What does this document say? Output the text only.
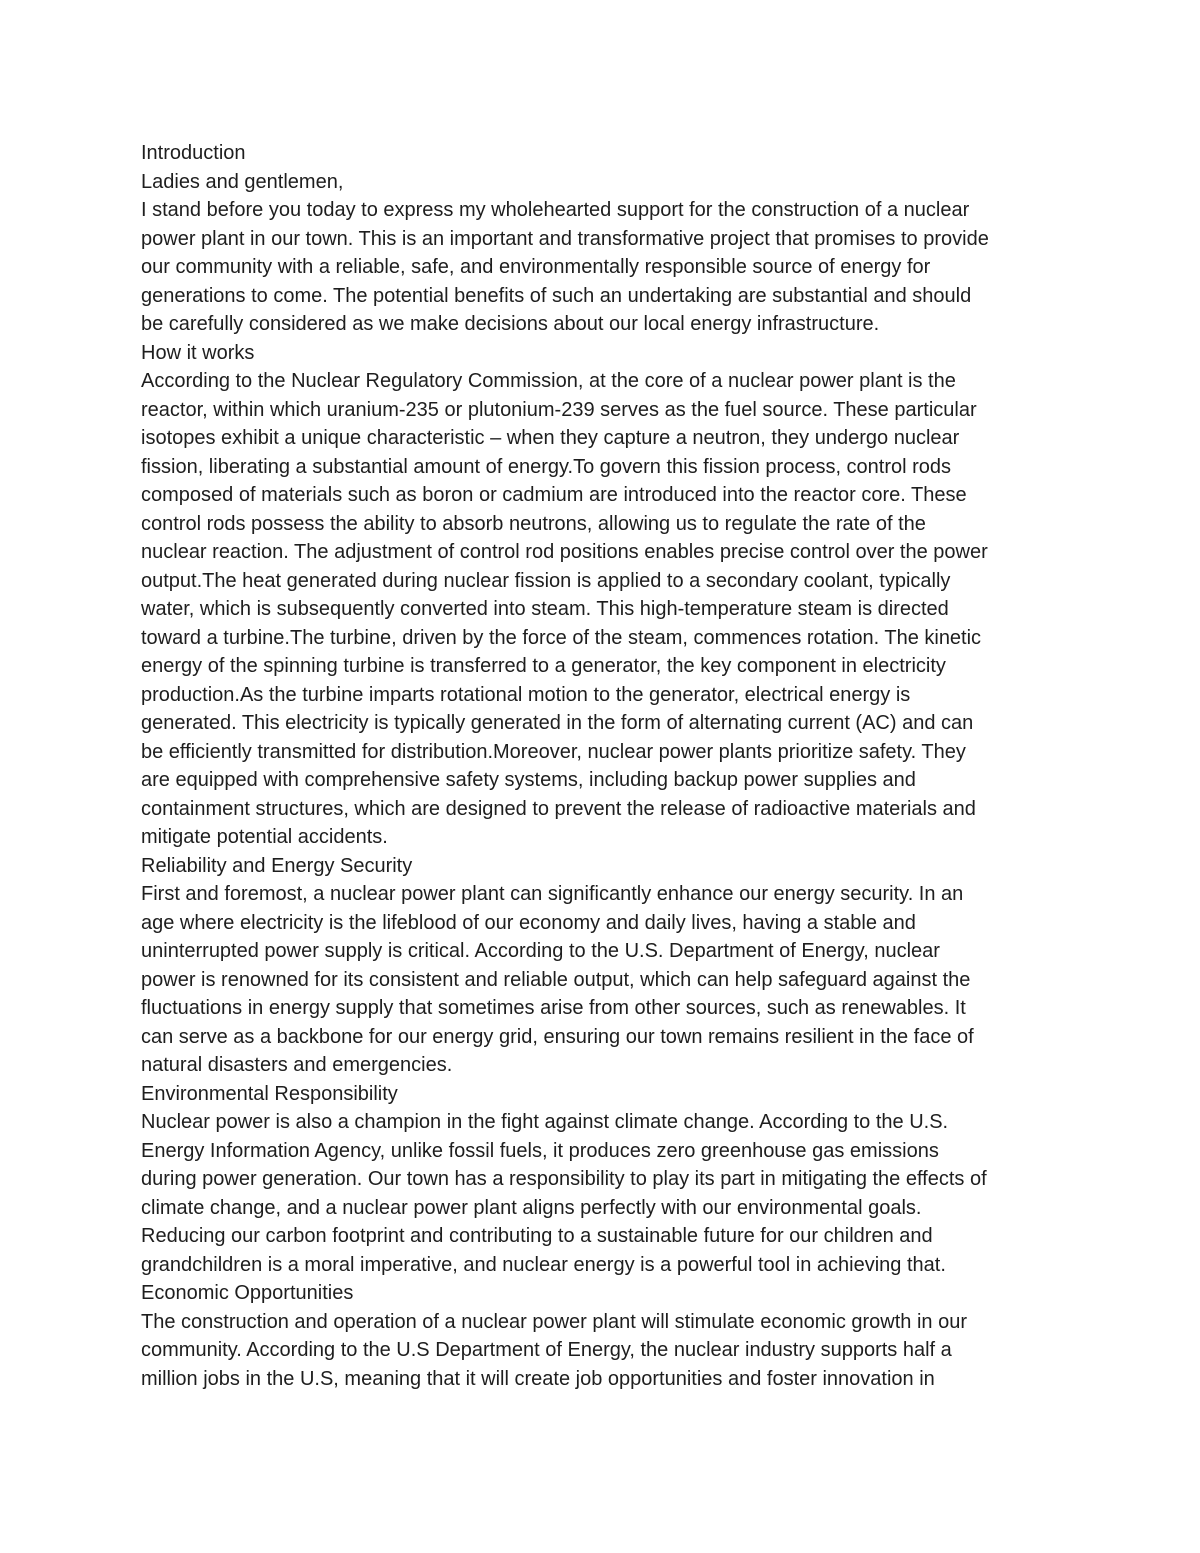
Introduction
Ladies and gentlemen,
I stand before you today to express my wholehearted support for the construction of a nuclear
power plant in our town. This is an important and transformative project that promises to provide
our community with a reliable, safe, and environmentally responsible source of energy for
generations to come. The potential benefits of such an undertaking are substantial and should
be carefully considered as we make decisions about our local energy infrastructure.
How it works
According to the Nuclear Regulatory Commission, at the core of a nuclear power plant is the
reactor, within which uranium-235 or plutonium-239 serves as the fuel source. These particular
isotopes exhibit a unique characteristic – when they capture a neutron, they undergo nuclear
fission, liberating a substantial amount of energy.To govern this fission process, control rods
composed of materials such as boron or cadmium are introduced into the reactor core. These
control rods possess the ability to absorb neutrons, allowing us to regulate the rate of the
nuclear reaction. The adjustment of control rod positions enables precise control over the power
output.The heat generated during nuclear fission is applied to a secondary coolant, typically
water, which is subsequently converted into steam. This high-temperature steam is directed
toward a turbine.The turbine, driven by the force of the steam, commences rotation. The kinetic
energy of the spinning turbine is transferred to a generator, the key component in electricity
production.As the turbine imparts rotational motion to the generator, electrical energy is
generated. This electricity is typically generated in the form of alternating current (AC) and can
be efficiently transmitted for distribution.Moreover, nuclear power plants prioritize safety. They
are equipped with comprehensive safety systems, including backup power supplies and
containment structures, which are designed to prevent the release of radioactive materials and
mitigate potential accidents.
Reliability and Energy Security
First and foremost, a nuclear power plant can significantly enhance our energy security. In an
age where electricity is the lifeblood of our economy and daily lives, having a stable and
uninterrupted power supply is critical. According to the U.S. Department of Energy, nuclear
power is renowned for its consistent and reliable output, which can help safeguard against the
fluctuations in energy supply that sometimes arise from other sources, such as renewables. It
can serve as a backbone for our energy grid, ensuring our town remains resilient in the face of
natural disasters and emergencies.
Environmental Responsibility
Nuclear power is also a champion in the fight against climate change. According to the U.S.
Energy Information Agency, unlike fossil fuels, it produces zero greenhouse gas emissions
during power generation. Our town has a responsibility to play its part in mitigating the effects of
climate change, and a nuclear power plant aligns perfectly with our environmental goals.
Reducing our carbon footprint and contributing to a sustainable future for our children and
grandchildren is a moral imperative, and nuclear energy is a powerful tool in achieving that.
Economic Opportunities
The construction and operation of a nuclear power plant will stimulate economic growth in our
community. According to the U.S Department of Energy, the nuclear industry supports half a
million jobs in the U.S, meaning that it will create job opportunities and foster innovation in
